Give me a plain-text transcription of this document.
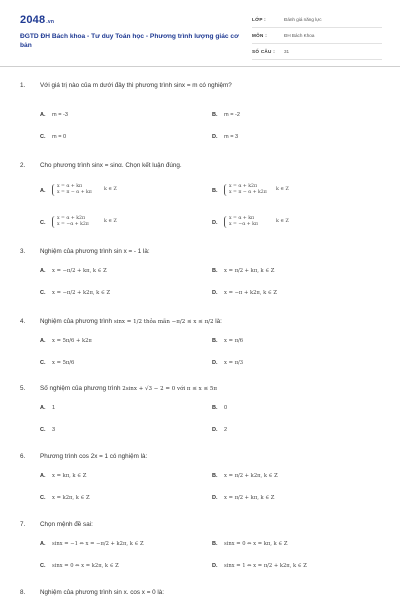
2048.vn
ĐGTD ĐH Bách khoa - Tư duy Toán học - Phương trình lượng giác cơ bản
LỚP :	Đánh giá năng lực
MÔN :	ĐH Bách Khoa
SỐ CÂU : 31
1. Với giá trị nào của m dưới đây thì phương trình sinx = m có nghiệm?
A. m = -3	B. m = -2
C. m = 0	D. m = 3
2. Cho phương trình sinx = sinα. Chọn kết luận đúng.
A.
x = α + kπ
x = π − α + kπ
k ∈ Z	B.
x = α + k2π
x = π − α + k2π
k ∈ Z
C.
x = α + k2π
x = −α + k2π
k ∈ Z	D.
x = α + kπ
x = −α + kπ
k ∈ Z
3. Nghiệm của phương trình sin x = - 1 là:
A. x = −π/2 + kπ, k ∈ Z	B. x = π/2 + kπ, k ∈ Z
C. x = −π/2 + k2π, k ∈ Z	D. x = −π + k2π, k ∈ Z
4. Nghiệm của phương trình sinx = 1/2 thỏa mãn −π/2 ≤ x ≤ π/2 là:
A. x = 5π/6 + k2π	B. x = π/6
C. x = 5π/6	D. x = π/3
5. Số nghiệm của phương trình 2sinx + √3 − 2 = 0 với π ≤ x ≤ 5π
A. 1	B. 0
C. 3	D. 2
6. Phương trình cos 2x = 1 có nghiệm là:
A. x = kπ, k ∈ Z	B. x = π/2 + k2π, k ∈ Z
C. x = k2π, k ∈ Z	D. x = π/2 + kπ, k ∈ Z
7. Chọn mệnh đề sai:
A. sinx = −1 ⇔ x = −π/2 + k2π, k ∈ Z	B. sinx = 0 ⇔ x = kπ, k ∈ Z
C. sinx = 0 ⇔ x = k2π, k ∈ Z	D. sinx = 1 ⇔ x = π/2 + k2π, k ∈ Z
8. Nghiệm của phương trình sin x. cos x = 0 là:
